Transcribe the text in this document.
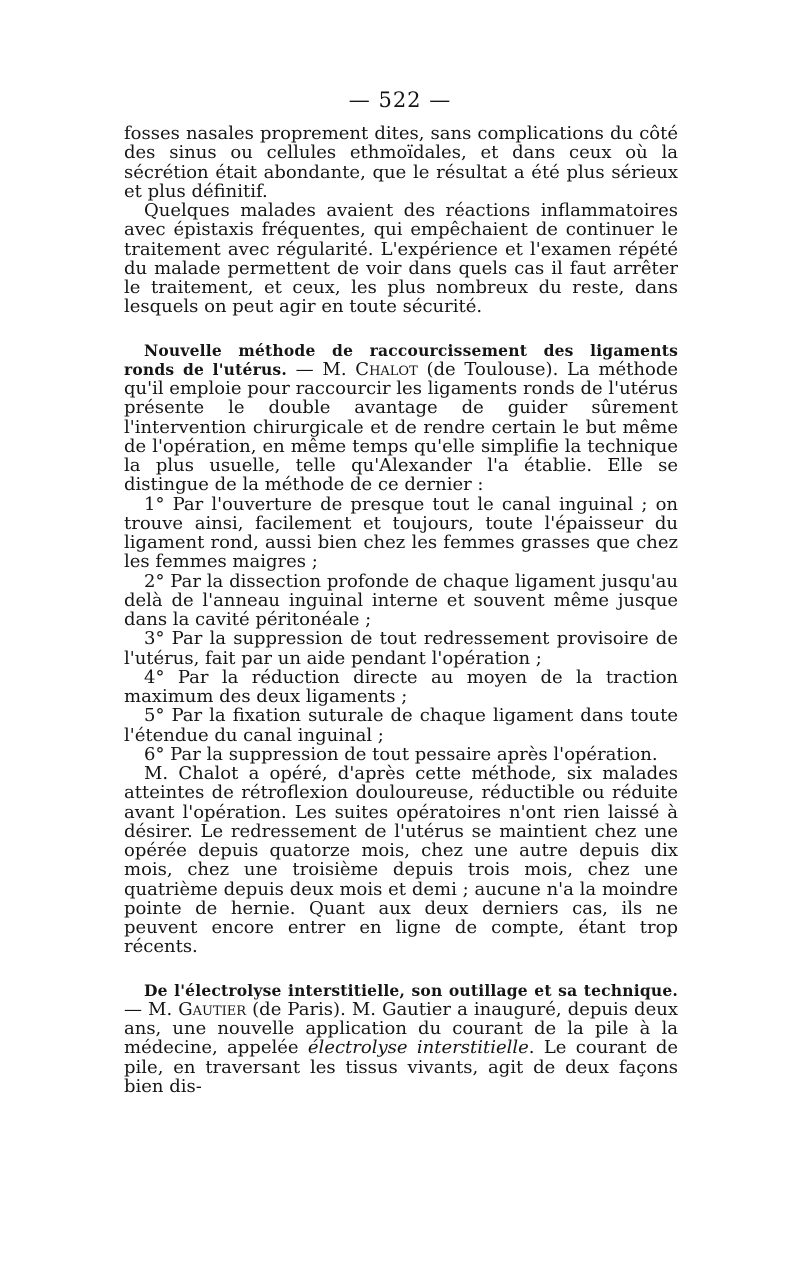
— 522 —

fosses nasales proprement dites, sans complications du côté des sinus ou cellules ethmoïdales, et dans ceux où la sécrétion était abondante, que le résultat a été plus sérieux et plus définitif.

Quelques malades avaient des réactions inflammatoires avec épistaxis fréquentes, qui empêchaient de continuer le traitement avec régularité. L'expérience et l'examen répété du malade permettent de voir dans quels cas il faut arrêter le traitement, et ceux, les plus nombreux du reste, dans lesquels on peut agir en toute sécurité.

Nouvelle méthode de raccourcissement des ligaments ronds de l'utérus. — M. Chalot (de Toulouse). La méthode qu'il emploie pour raccourcir les ligaments ronds de l'utérus présente le double avantage de guider sûrement l'intervention chirurgicale et de rendre certain le but même de l'opération, en même temps qu'elle simplifie la technique la plus usuelle, telle qu'Alexander l'a établie. Elle se distingue de la méthode de ce dernier :

1° Par l'ouverture de presque tout le canal inguinal ; on trouve ainsi, facilement et toujours, toute l'épaisseur du ligament rond, aussi bien chez les femmes grasses que chez les femmes maigres ;

2° Par la dissection profonde de chaque ligament jusqu'au delà de l'anneau inguinal interne et souvent même jusque dans la cavité péritonéale ;

3° Par la suppression de tout redressement provisoire de l'utérus, fait par un aide pendant l'opération ;

4° Par la réduction directe au moyen de la traction maximum des deux ligaments ;

5° Par la fixation suturale de chaque ligament dans toute l'étendue du canal inguinal ;

6° Par la suppression de tout pessaire après l'opération.

M. Chalot a opéré, d'après cette méthode, six malades atteintes de rétroflexion douloureuse, réductible ou réduite avant l'opération. Les suites opératoires n'ont rien laissé à désirer. Le redressement de l'utérus se maintient chez une opérée depuis quatorze mois, chez une autre depuis dix mois, chez une troisième depuis trois mois, chez une quatrième depuis deux mois et demi ; aucune n'a la moindre pointe de hernie. Quant aux deux derniers cas, ils ne peuvent encore entrer en ligne de compte, étant trop récents.

De l'électrolyse interstitielle, son outillage et sa technique. — M. Gautier (de Paris). M. Gautier a inauguré, depuis deux ans, une nouvelle application du courant de la pile à la médecine, appelée électrolyse interstitielle. Le courant de pile, en traversant les tissus vivants, agit de deux façons bien dis-
